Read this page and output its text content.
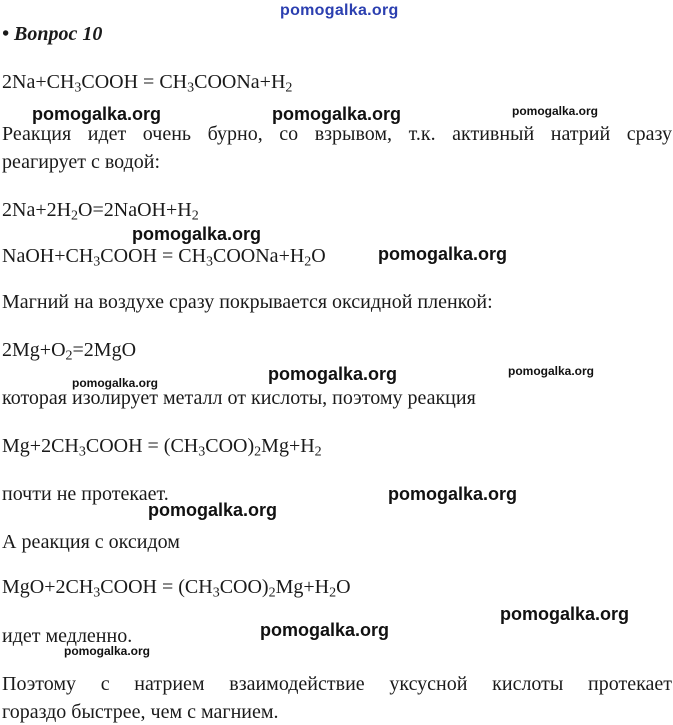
pomogalka.org
pomogalka.org	pomogalka.org	pomogalka.org
pomogalka.org
pomogalka.org
pomogalka.org
pomogalka.org
pomogalka.org
pomogalka.org
pomogalka.org
pomogalka.org
pomogalka.org
pomogalka.org
• Вопрос 10
$2Na+CH_3COOH$ = $CH_3COONa+H_2$
Реакция идет очень бурно, со взрывом, т.к. активный натрий сразу
реагирует с водой:
$2Na+2H_2O=2NaOH+H_2$
$NaOH+CH_3COOH$ = $CH_3COONa+H_2O$
Магний на воздухе сразу покрывается оксидной пленкой:
$2Mg+O_2=2MgO$
которая изолирует металл от кислоты, поэтому реакция
$Mg+2CH_3COOH = (CH_3COO)_2Mg+H_2$
почти не протекает.
А реакция с оксидом
$MgO+2CH_3COOH = (CH_3COO)_2Mg+H_2O$
идет медленно.
Поэтому с натрием взаимодействие уксусной кислоты протекает
гораздо быстрее, чем с магнием.
